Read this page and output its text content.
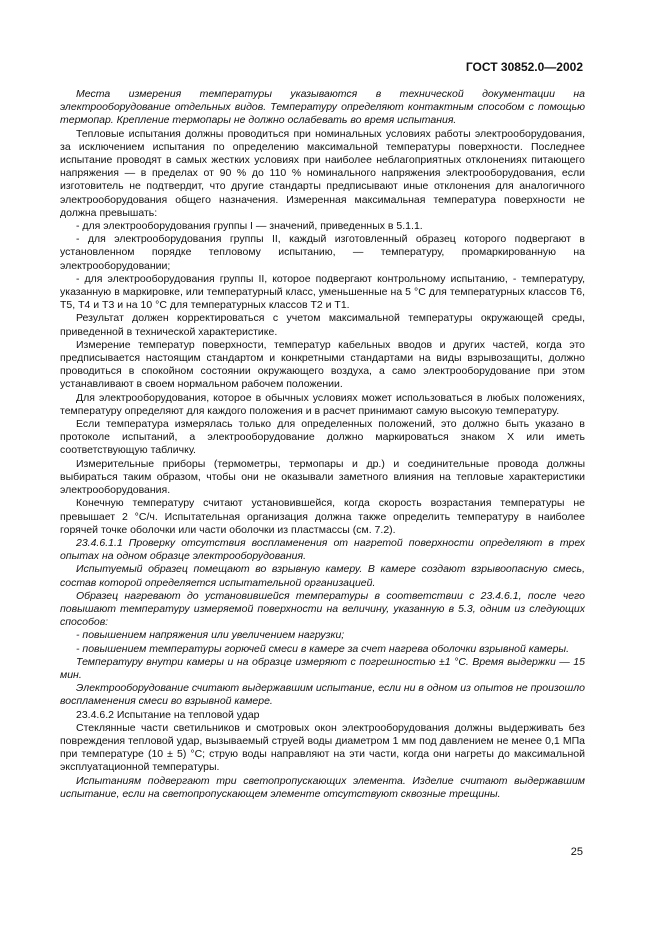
ГОСТ 30852.0—2002

Места измерения температуры указываются в технической документации на электрооборудование отдельных видов. Температуру определяют контактным способом с помощью термопар. Крепление термопары не должно ослабевать во время испытания.

Тепловые испытания должны проводиться при номинальных условиях работы электрооборудования, за исключением испытания по определению максимальной температуры поверхности. Последнее испытание проводят в самых жестких условиях при наиболее неблагоприятных отклонениях питающего напряжения — в пределах от 90 % до 110 % номинального напряжения электрооборудования, если изготовитель не подтвердит, что другие стандарты предписывают иные отклонения для аналогичного электрооборудования общего назначения. Измеренная максимальная температура поверхности не должна превышать:

- для электрооборудования группы I — значений, приведенных в 5.1.1.

- для электрооборудования группы II, каждый изготовленный образец которого подвергают в установленном порядке тепловому испытанию, — температуру, промаркированную на электрооборудовании;

- для электрооборудования группы II, которое подвергают контрольному испытанию, - температуру, указанную в маркировке, или температурный класс, уменьшенные на 5 °С для температурных классов Т6, Т5, Т4 и Т3 и на 10 °С для температурных классов Т2 и Т1.

Результат должен корректироваться с учетом максимальной температуры окружающей среды, приведенной в технической характеристике.

Измерение температур поверхности, температур кабельных вводов и других частей, когда это предписывается настоящим стандартом и конкретными стандартами на виды взрывозащиты, должно проводиться в спокойном состоянии окружающего воздуха, а само электрооборудование при этом устанавливают в своем нормальном рабочем положении.

Для электрооборудования, которое в обычных условиях может использоваться в любых положениях, температуру определяют для каждого положения и в расчет принимают самую высокую температуру.

Если температура измерялась только для определенных положений, это должно быть указано в протоколе испытаний, а электрооборудование должно маркироваться знаком Х или иметь соответствующую табличку.

Измерительные приборы (термометры, термопары и др.) и соединительные провода должны выбираться таким образом, чтобы они не оказывали заметного влияния на тепловые характеристики электрооборудования.

Конечную температуру считают установившейся, когда скорость возрастания температуры не превышает 2 °С/ч. Испытательная организация должна также определить температуру в наиболее горячей точке оболочки или части оболочки из пластмассы (см. 7.2).

23.4.6.1.1 Проверку отсутствия воспламенения от нагретой поверхности определяют в трех опытах на одном образце электрооборудования.

Испытуемый образец помещают во взрывную камеру. В камере создают взрывоопасную смесь, состав которой определяется испытательной организацией.

Образец нагревают до установившейся температуры в соответствии с 23.4.6.1, после чего повышают температуру измеряемой поверхности на величину, указанную в 5.3, одним из следующих способов:

- повышением напряжения или увеличением нагрузки;

- повышением температуры горючей смеси в камере за счет нагрева оболочки взрывной камеры.

Температуру внутри камеры и на образце измеряют с погрешностью ±1 °С. Время выдержки — 15 мин.

Электрооборудование считают выдержавшим испытание, если ни в одном из опытов не произошло воспламенения смеси во взрывной камере.

23.4.6.2 Испытание на тепловой удар

Стеклянные части светильников и смотровых окон электрооборудования должны выдерживать без повреждения тепловой удар, вызываемый струей воды диаметром 1 мм под давлением не менее 0,1 МПа при температуре (10 ± 5) °С; струю воды направляют на эти части, когда они нагреты до максимальной эксплуатационной температуры.

Испытаниям подвергают три светопропускающих элемента. Изделие считают выдержавшим испытание, если на светопропускающем элементе отсутствуют сквозные трещины.

25
